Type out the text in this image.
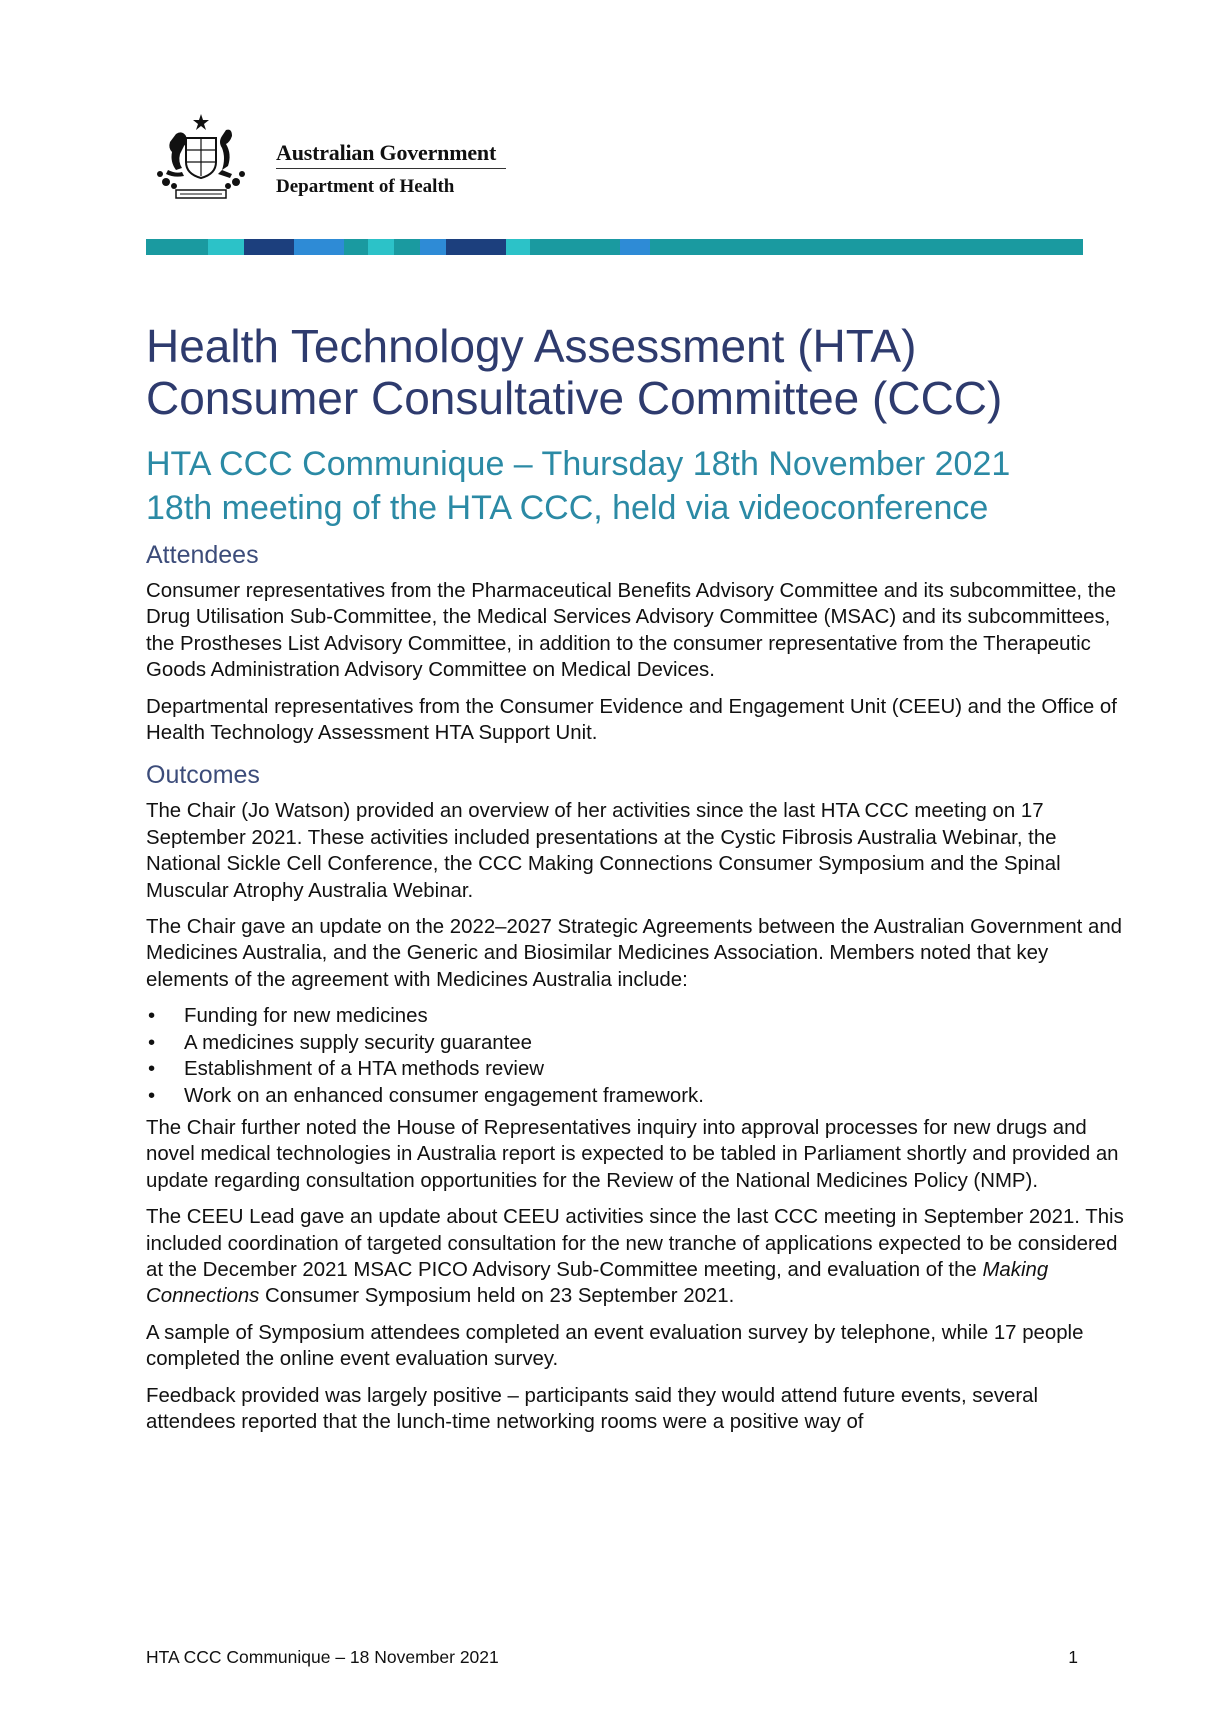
Australian Government
Department of Health
Health Technology Assessment (HTA)
Consumer Consultative Committee (CCC)
HTA CCC Communique – Thursday 18th November 2021
18th meeting of the HTA CCC, held via videoconference
Attendees

Consumer representatives from the Pharmaceutical Benefits Advisory Committee and its subcommittee, the Drug Utilisation Sub-Committee, the Medical Services Advisory Committee (MSAC) and its subcommittees, the Prostheses List Advisory Committee, in addition to the consumer representative from the Therapeutic Goods Administration Advisory Committee on Medical Devices.

Departmental representatives from the Consumer Evidence and Engagement Unit (CEEU) and the Office of Health Technology Assessment HTA Support Unit.

Outcomes

The Chair (Jo Watson) provided an overview of her activities since the last HTA CCC meeting on 17 September 2021. These activities included presentations at the Cystic Fibrosis Australia Webinar, the National Sickle Cell Conference, the CCC Making Connections Consumer Symposium and the Spinal Muscular Atrophy Australia Webinar.

The Chair gave an update on the 2022–2027 Strategic Agreements between the Australian Government and Medicines Australia, and the Generic and Biosimilar Medicines Association. Members noted that key elements of the agreement with Medicines Australia include:

• Funding for new medicines
• A medicines supply security guarantee
• Establishment of a HTA methods review
• Work on an enhanced consumer engagement framework.

The Chair further noted the House of Representatives inquiry into approval processes for new drugs and novel medical technologies in Australia report is expected to be tabled in Parliament shortly and provided an update regarding consultation opportunities for the Review of the National Medicines Policy (NMP).

The CEEU Lead gave an update about CEEU activities since the last CCC meeting in September 2021. This included coordination of targeted consultation for the new tranche of applications expected to be considered at the December 2021 MSAC PICO Advisory Sub-Committee meeting, and evaluation of the Making Connections Consumer Symposium held on 23 September 2021.

A sample of Symposium attendees completed an event evaluation survey by telephone, while 17 people completed the online event evaluation survey.

Feedback provided was largely positive – participants said they would attend future events, several attendees reported that the lunch-time networking rooms were a positive way of

HTA CCC Communique – 18 November 2021	1
